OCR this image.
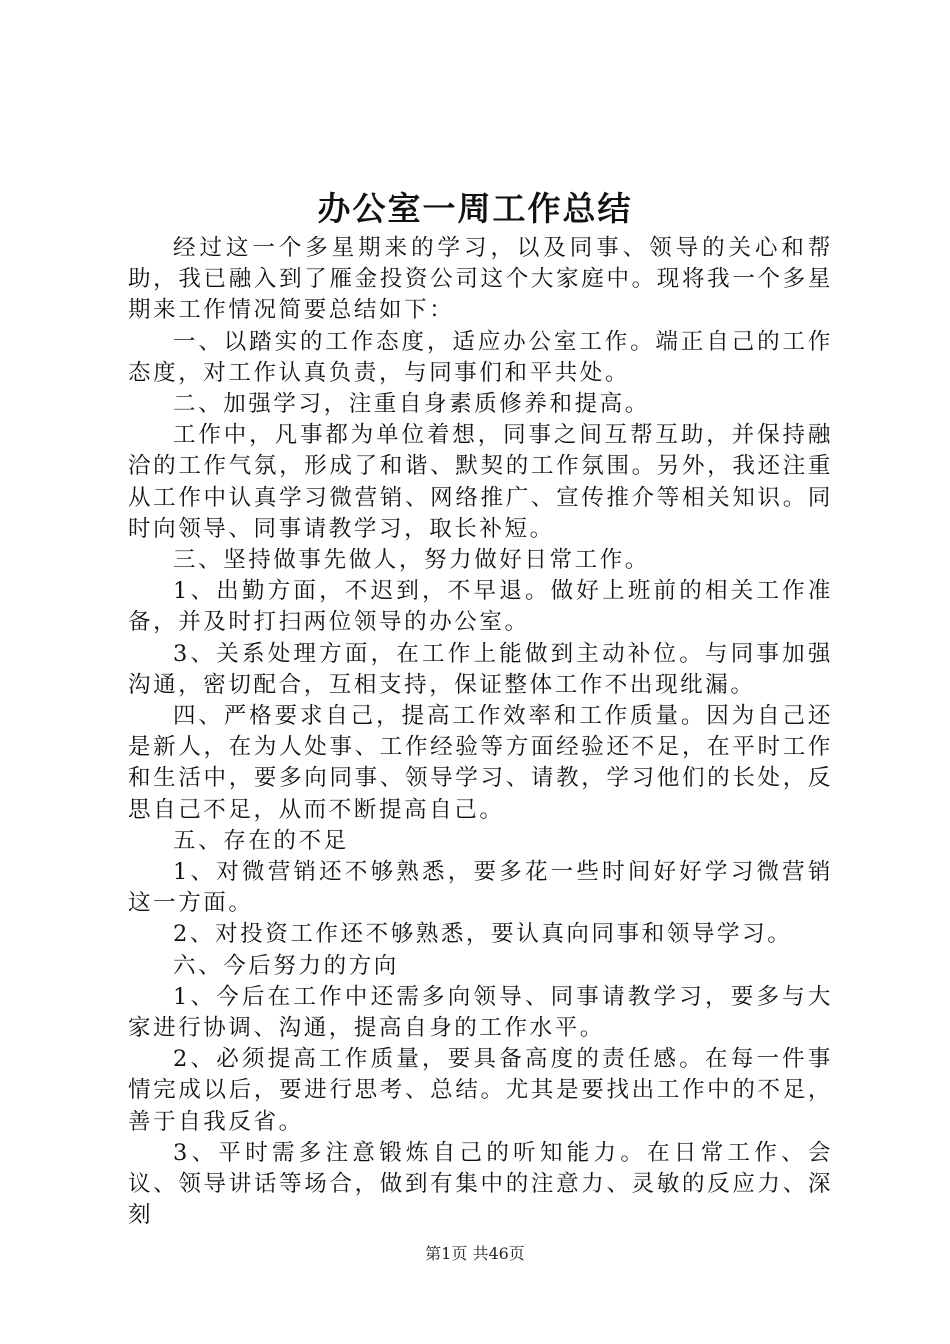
办公室一周工作总结

经过这一个多星期来的学习，以及同事、领导的关心和帮助，我已融入到了雁金投资公司这个大家庭中。现将我一个多星期来工作情况简要总结如下：

一、以踏实的工作态度，适应办公室工作。端正自己的工作态度，对工作认真负责，与同事们和平共处。

二、加强学习，注重自身素质修养和提高。

工作中，凡事都为单位着想，同事之间互帮互助，并保持融洽的工作气氛，形成了和谐、默契的工作氛围。另外，我还注重从工作中认真学习微营销、网络推广、宣传推介等相关知识。同时向领导、同事请教学习，取长补短。

三、坚持做事先做人，努力做好日常工作。

1、出勤方面，不迟到，不早退。做好上班前的相关工作准备，并及时打扫两位领导的办公室。

3、关系处理方面，在工作上能做到主动补位。与同事加强沟通，密切配合，互相支持，保证整体工作不出现纰漏。

四、严格要求自己，提高工作效率和工作质量。因为自己还是新人，在为人处事、工作经验等方面经验还不足，在平时工作和生活中，要多向同事、领导学习、请教，学习他们的长处，反思自己不足，从而不断提高自己。

五、存在的不足

1、对微营销还不够熟悉，要多花一些时间好好学习微营销这一方面。

2、对投资工作还不够熟悉，要认真向同事和领导学习。

六、今后努力的方向

1、今后在工作中还需多向领导、同事请教学习，要多与大家进行协调、沟通，提高自身的工作水平。

2、必须提高工作质量，要具备高度的责任感。在每一件事情完成以后，要进行思考、总结。尤其是要找出工作中的不足，善于自我反省。

3、平时需多注意锻炼自己的听知能力。在日常工作、会议、领导讲话等场合，做到有集中的注意力、灵敏的反应力、深刻

第1页 共46页
